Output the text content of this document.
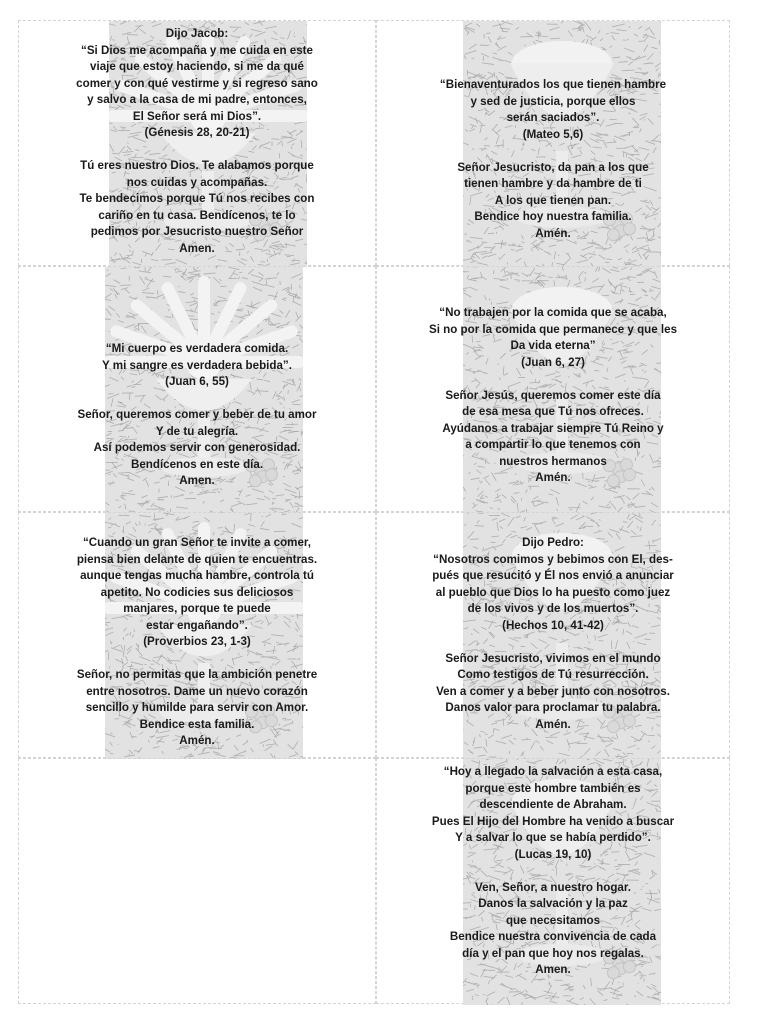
Dijo Jacob:
“Si Dios me acompaña y me cuida en este
viaje que estoy haciendo, si me da qué
comer y con qué vestirme y si regreso sano
y salvo a la casa de mi padre, entonces,
El Señor será mi Dios”.
(Génesis 28, 20-21)
Tú eres nuestro Dios. Te alabamos porque
nos cuidas y acompañas.
Te bendecimos porque Tú nos recibes con
cariño en tu casa. Bendícenos, te lo
pedimos por Jesucristo nuestro Señor
Amen.
“Bienaventurados los que tienen hambre
y sed de justicia, porque ellos
serán saciados”.
(Mateo 5,6)
Señor Jesucristo, da pan a los que
tienen hambre y da hambre de ti
A los que tienen pan.
Bendice hoy nuestra familia.
Amén.
“Mi cuerpo es verdadera comida.
Y mi sangre es verdadera bebida”.
(Juan 6, 55)
Señor, queremos comer y beber de tu amor
Y de tu alegría.
Así podemos servir con generosidad.
Bendícenos en este día.
Amen.
“No trabajen por la comida que se acaba,
Si no por la comida que permanece y que les
Da vida eterna”
(Juan 6, 27)
Señor Jesús, queremos comer este día
de esa mesa que Tú nos ofreces.
Ayúdanos a trabajar siempre Tú Reino y
a compartir lo que tenemos con
nuestros hermanos
Amén.
“Cuando un gran Señor te invite a comer,
piensa bien delante de quien te encuentras.
aunque tengas mucha hambre, controla tú
apetito. No codicies sus deliciosos
manjares, porque te puede
estar engañando”.
(Proverbios 23, 1-3)
Señor, no permitas que la ambición penetre
entre nosotros. Dame un nuevo corazón
sencillo y humilde para servir con Amor.
Bendice esta familia.
Amén.
Dijo Pedro:
“Nosotros comimos y bebimos con El, des-
pués que resucitó y Él nos envió a anunciar
al pueblo que Dios lo ha puesto como juez
de los vivos y de los muertos”.
(Hechos 10, 41-42)
Señor Jesucristo, vivimos en el mundo
Como testigos de Tú resurrección.
Ven a comer y a beber junto con nosotros.
Danos valor para proclamar tu palabra.
Amén.
“Hoy a llegado la salvación a esta casa,
porque este hombre también es
descendiente de Abraham.
Pues El Hijo del Hombre ha venido a buscar
Y a salvar lo que se había perdido”.
(Lucas 19, 10)
Ven, Señor, a nuestro hogar.
Danos la salvación y la paz
que necesitamos
Bendice nuestra convivencia de cada
día y el pan que hoy nos regalas.
Amen.
